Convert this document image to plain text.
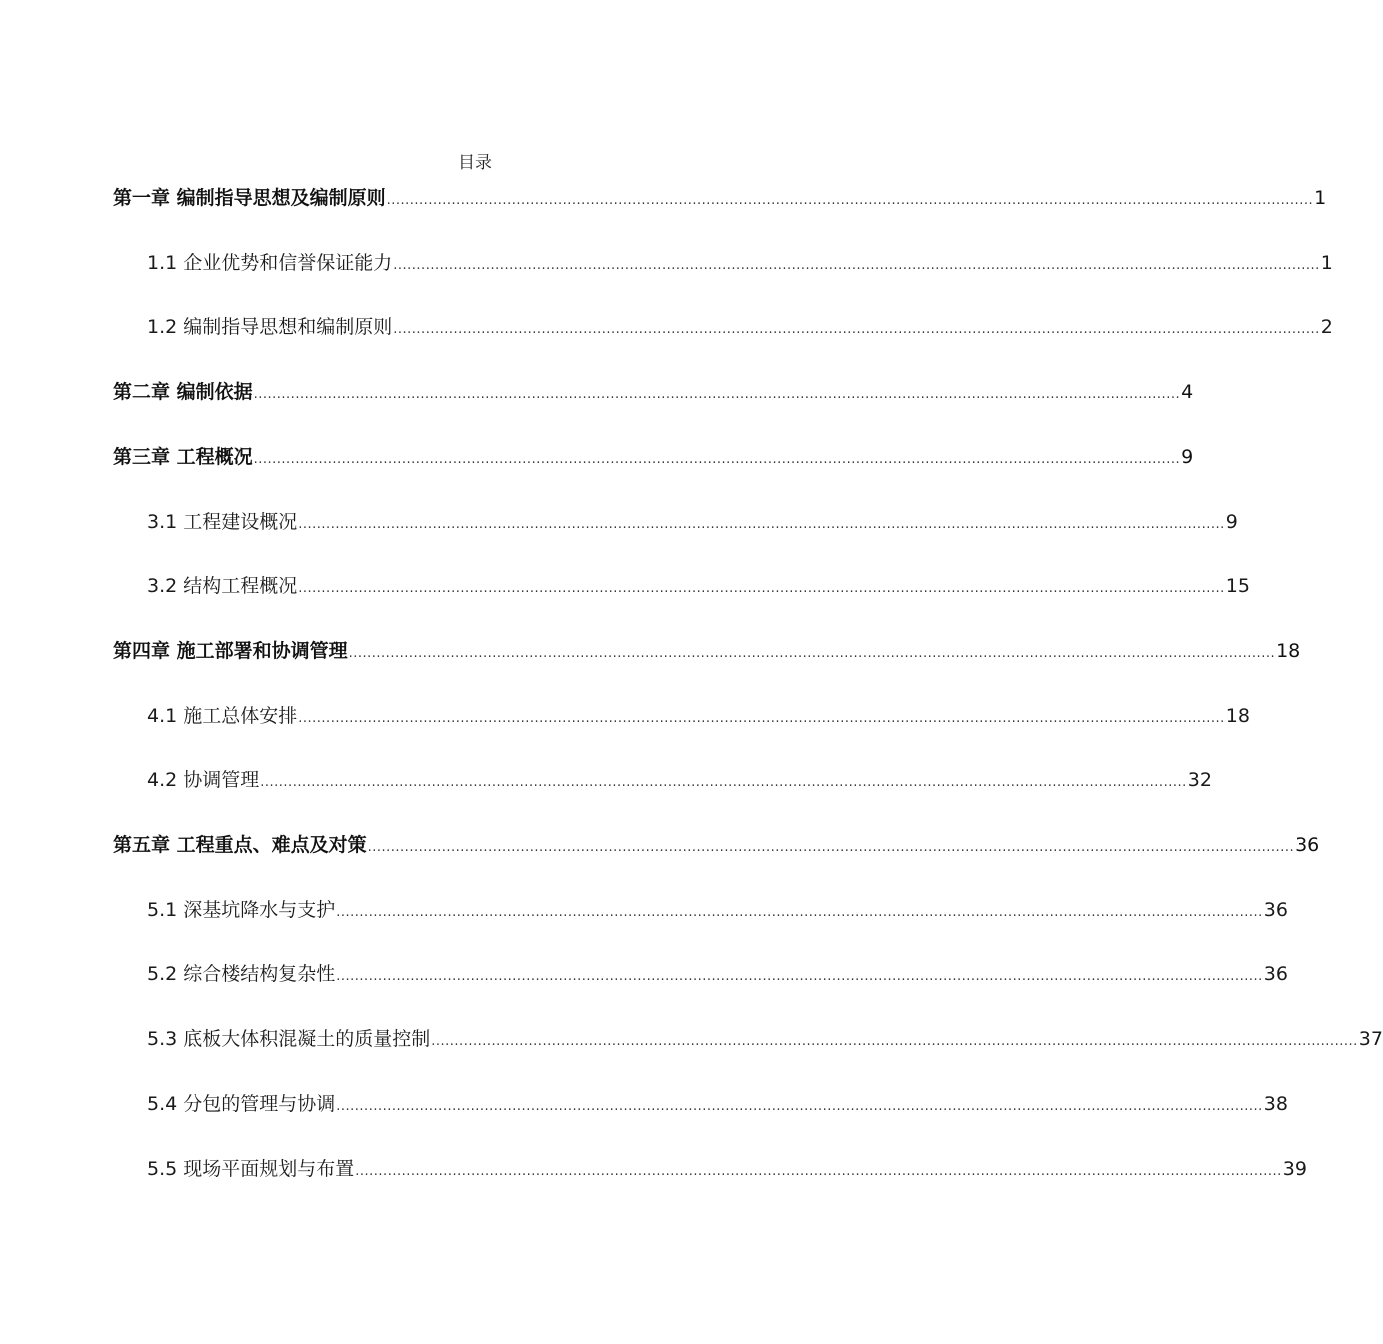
目录
第一章 编制指导思想及编制原则 ........................................................................................................................................................................................................ 1
1.1 企业优势和信誉保证能力 ........................................................................................................................................................................................................ 1
1.2 编制指导思想和编制原则 ........................................................................................................................................................................................................ 2
第二章 编制依据 ........................................................................................................................................................................................................ 4
第三章 工程概况 ........................................................................................................................................................................................................ 9
3.1 工程建设概况 ........................................................................................................................................................................................................ 9
3.2 结构工程概况 ........................................................................................................................................................................................................ 15
第四章 施工部署和协调管理 ........................................................................................................................................................................................................ 18
4.1 施工总体安排 ........................................................................................................................................................................................................ 18
4.2 协调管理 ........................................................................................................................................................................................................ 32
第五章 工程重点、难点及对策 ........................................................................................................................................................................................................ 36
5.1 深基坑降水与支护 ........................................................................................................................................................................................................ 36
5.2 综合楼结构复杂性 ........................................................................................................................................................................................................ 36
5.3 底板大体积混凝土的质量控制 ........................................................................................................................................................................................................ 37
5.4 分包的管理与协调 ........................................................................................................................................................................................................ 38
5.5 现场平面规划与布置 ........................................................................................................................................................................................................ 39
